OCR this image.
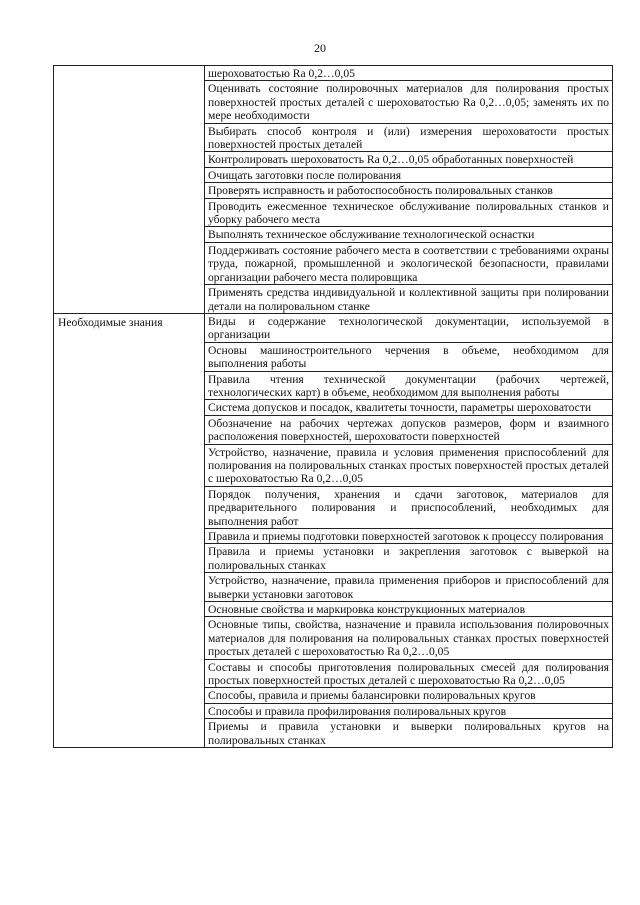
20
	шероховатостью Ra 0,2…0,05
	Оценивать состояние полировочных материалов для полирования простых поверхностей простых деталей с шероховатостью Ra 0,2…0,05; заменять их по мере необходимости
	Выбирать способ контроля и (или) измерения шероховатости простых поверхностей простых деталей
	Контролировать шероховатость Ra 0,2…0,05 обработанных поверхностей
	Очищать заготовки после полирования
	Проверять исправность и работоспособность полировальных станков
	Проводить ежесменное техническое обслуживание полировальных станков и уборку рабочего места
	Выполнять техническое обслуживание технологической оснастки
	Поддерживать состояние рабочего места в соответствии с требованиями охраны труда, пожарной, промышленной и экологической безопасности, правилами организации рабочего места полировщика
	Применять средства индивидуальной и коллективной защиты при полировании детали на полировальном станке
Необходимые знания	Виды и содержание технологической документации, используемой в организации
	Основы машиностроительного черчения в объеме, необходимом для выполнения работы
	Правила чтения технической документации (рабочих чертежей, технологических карт) в объеме, необходимом для выполнения работы
	Система допусков и посадок, квалитеты точности, параметры шероховатости
	Обозначение на рабочих чертежах допусков размеров, форм и взаимного расположения поверхностей, шероховатости поверхностей
	Устройство, назначение, правила и условия применения приспособлений для полирования на полировальных станках простых поверхностей простых деталей с шероховатостью Ra 0,2…0,05
	Порядок получения, хранения и сдачи заготовок, материалов для предварительного полирования и приспособлений, необходимых для выполнения работ
	Правила и приемы подготовки поверхностей заготовок к процессу полирования
	Правила и приемы установки и закрепления заготовок с выверкой на полировальных станках
	Устройство, назначение, правила применения приборов и приспособлений для выверки установки заготовок
	Основные свойства и маркировка конструкционных материалов
	Основные типы, свойства, назначение и правила использования полировочных материалов для полирования на полировальных станках простых поверхностей простых деталей с шероховатостью Ra 0,2…0,05
	Составы и способы приготовления полировальных смесей для полирования простых поверхностей простых деталей с шероховатостью Ra 0,2…0,05
	Способы, правила и приемы балансировки полировальных кругов
	Способы и правила профилирования полировальных кругов
	Приемы и правила установки и выверки полировальных кругов на полировальных станках
